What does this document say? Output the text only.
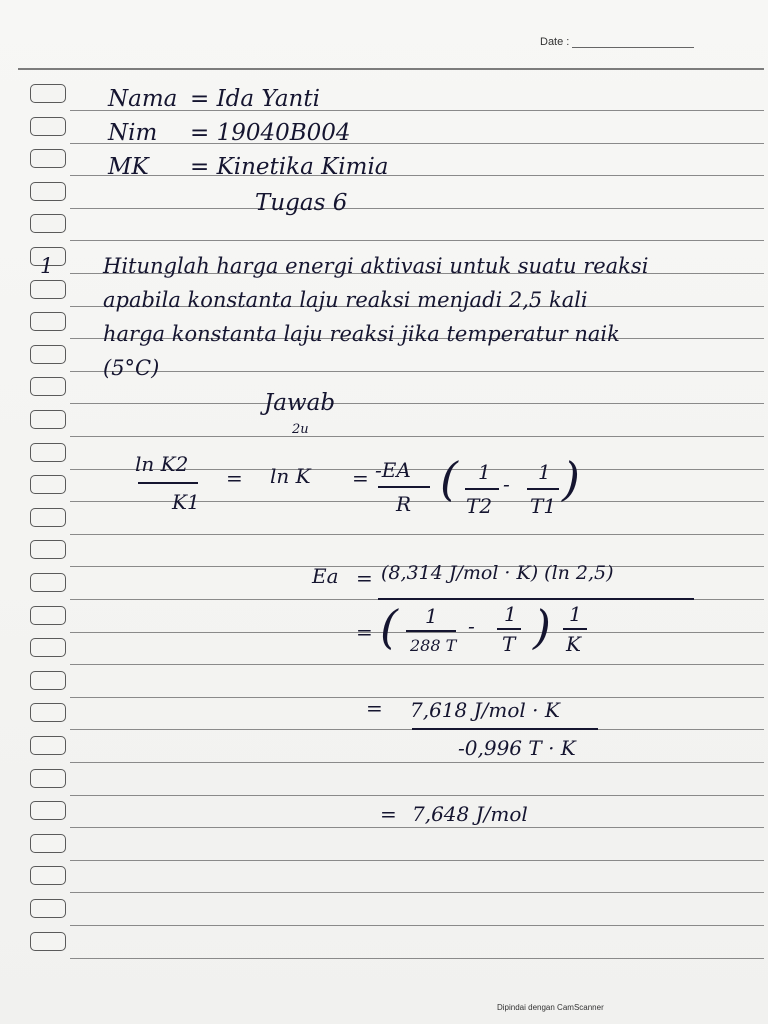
Date :
Nama = Ida Yanti
Nim = 19040B004
MK = Kinetika Kimia
Tugas 6
1 Hitunglah harga energi aktivasi untuk suatu reaksi
apabila konstanta laju reaksi menjadi 2,5 kali
harga konstanta laju reaksi jika temperatur naik
(5°C)
Jawab
2u
ln K2
K1
= ln K = -EA
R ( 1
T2
- 1
T1 )
Ea = (8,314 J/mol · K) (ln 2,5)
= ( 1
288 T
- 1
T ) 1
K
= 7,618 J/mol · K
-0,996 T · K
= 7,648 J/mol
Dipindai dengan CamScanner
